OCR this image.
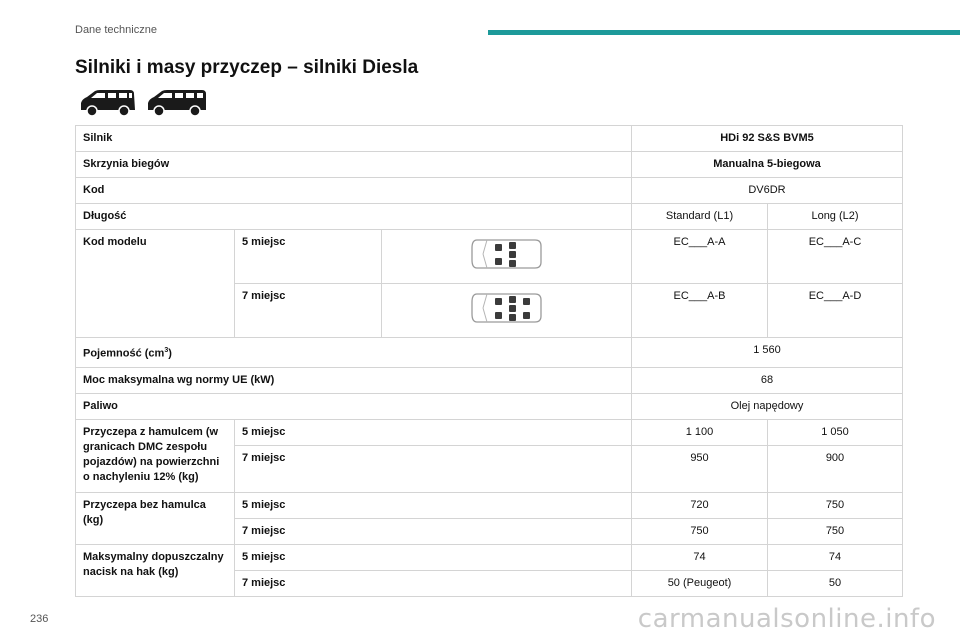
Dane techniczne
Silniki i masy przyczep – silniki Diesla
Silnik			HDi 92 S&S BVM5	
Skrzynia biegów			Manualna 5-biegowa	
Kod			DV6DR	
Długość			Standard (L1)	Long (L2)
Kod modelu	5 miejsc		EC___A-A	EC___A-C
	7 miejsc		EC___A-B	EC___A-D
Pojemność $(cm^3)$			1 560	
Moc maksymalna wg normy UE (kW)			68	
Paliwo			Olej napędowy	
Przyczepa z hamulcem (w granicach DMC zespołu pojazdów) na powierzchni o nachyleniu 12% (kg)	5 miejsc		1 100	1 050
	7 miejsc		950	900
Przyczepa bez hamulca (kg)	5 miejsc		720	750
	7 miejsc		750	750
Maksymalny dopuszczalny nacisk na hak (kg)	5 miejsc		74	74
	7 miejsc		50 (Peugeot)	50
236	carmanualsonline.info
